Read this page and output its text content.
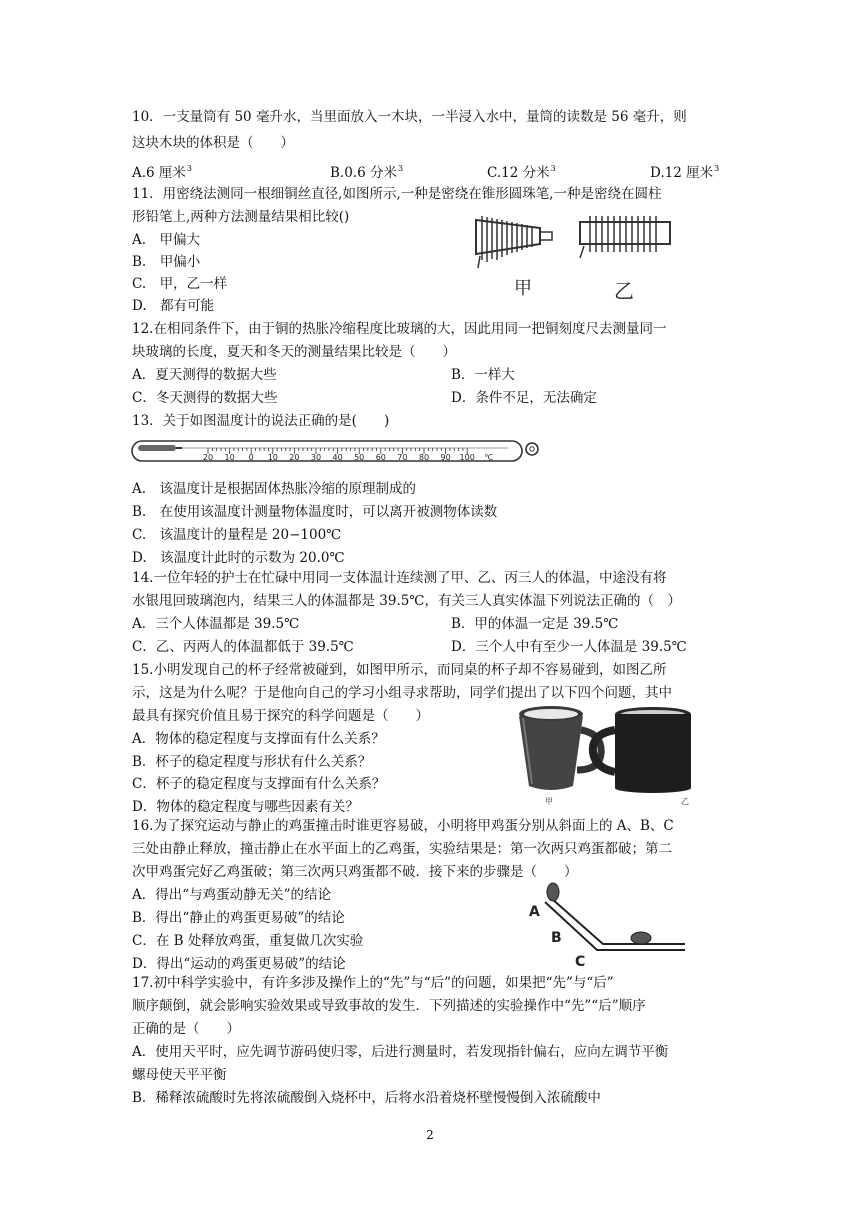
10．一支量筒有 50 毫升水，当里面放入一木块，一半浸入水中，量筒的读数是 56 毫升，则
这块木块的体积是（　　）
A.6 厘米$^3$	B.0.6 分米$^3$	C.12 分米$^3$	D.12 厘米$^3$
11．用密绕法测同一根细铜丝直径,如图所示,一种是密绕在锥形圆珠笔,一种是密绕在圆柱
形铅笔上,两种方法测量结果相比较()
A.　甲偏大
B.　甲偏小
C.　甲，乙一样
D.　都有可能
甲	乙
12.在相同条件下，由于铜的热胀冷缩程度比玻璃的大，因此用同一把铜刻度尺去测量同一
块玻璃的长度，夏天和冬天的测量结果比较是（　　）
A．夏天测得的数据大些	B．一样大
C．冬天测得的数据大些	D．条件不足，无法确定
13．关于如图温度计的说法正确的是(　　)
20 10 0 10 20 30 40 50 60 70 80 90 100 ℃
A.　该温度计是根据固体热胀冷缩的原理制成的
B.　在使用该温度计测量物体温度时，可以离开被测物体读数
C.　该温度计的量程是 20−100℃
D.　该温度计此时的示数为 20.0℃
14.一位年轻的护士在忙碌中用同一支体温计连续测了甲、乙、丙三人的体温，中途没有将
水银甩回玻璃泡内，结果三人的体温都是 39.5℃，有关三人真实体温下列说法正确的（　）
A．三个人体温都是 39.5℃	B．甲的体温一定是 39.5℃
C．乙、丙两人的体温都低于 39.5℃	D．三个人中有至少一人体温是 39.5℃
15.小明发现自己的杯子经常被碰到，如图甲所示，而同桌的杯子却不容易碰到，如图乙所
示，这是为什么呢？于是他向自己的学习小组寻求帮助，同学们提出了以下四个问题，其中
最具有探究价值且易于探究的科学问题是（　　）
A．物体的稳定程度与支撑面有什么关系？
B．杯子的稳定程度与形状有什么关系？
C．杯子的稳定程度与支撑面有什么关系？
D．物体的稳定程度与哪些因素有关？	甲	乙
16.为了探究运动与静止的鸡蛋撞击时谁更容易破，小明将甲鸡蛋分别从斜面上的 A、B、C
三处由静止释放，撞击静止在水平面上的乙鸡蛋，实验结果是：第一次两只鸡蛋都破；第二
次甲鸡蛋完好乙鸡蛋破；第三次两只鸡蛋都不破．接下来的步骤是（　　）
A．得出“与鸡蛋动静无关”的结论
B．得出“静止的鸡蛋更易破”的结论
C．在 B 处释放鸡蛋，重复做几次实验
D．得出“运动的鸡蛋更易破”的结论
A
B
C
17.初中科学实验中，有许多涉及操作上的“先”与“后”的问题，如果把“先”与“后”
顺序颠倒，就会影响实验效果或导致事故的发生．下列描述的实验操作中“先”“后”顺序
正确的是（　　）
A．使用天平时，应先调节游码使归零，后进行测量时，若发现指针偏右，应向左调节平衡
螺母使天平平衡
B．稀释浓硫酸时先将浓硫酸倒入烧杯中，后将水沿着烧杯壁慢慢倒入浓硫酸中
2
